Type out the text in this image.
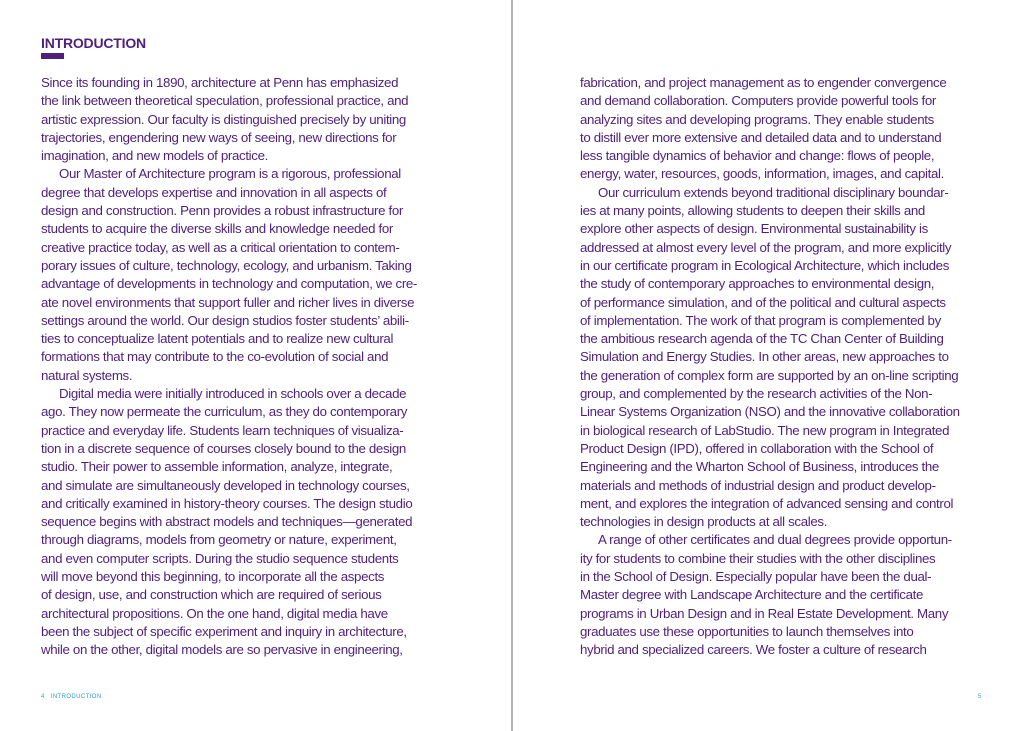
INTRODUCTION
Since its founding in 1890, architecture at Penn has emphasized
the link between theoretical speculation, professional practice, and
artistic expression. Our faculty is distinguished precisely by uniting
trajectories, engendering new ways of seeing, new directions for
imagination, and new models of practice.
Our Master of Architecture program is a rigorous, professional
degree that develops expertise and innovation in all aspects of
design and construction. Penn provides a robust infrastructure for
students to acquire the diverse skills and knowledge needed for
creative practice today, as well as a critical orientation to contem-
porary issues of culture, technology, ecology, and urbanism. Taking
advantage of developments in technology and computation, we cre-
ate novel environments that support fuller and richer lives in diverse
settings around the world. Our design studios foster students’ abili-
ties to conceptualize latent potentials and to realize new cultural
formations that may contribute to the co-evolution of social and
natural systems.
Digital media were initially introduced in schools over a decade
ago. They now permeate the curriculum, as they do contemporary
practice and everyday life. Students learn techniques of visualiza-
tion in a discrete sequence of courses closely bound to the design
studio. Their power to assemble information, analyze, integrate,
and simulate are simultaneously developed in technology courses,
and critically examined in history-theory courses. The design studio
sequence begins with abstract models and techniques—generated
through diagrams, models from geometry or nature, experiment,
and even computer scripts. During the studio sequence students
will move beyond this beginning, to incorporate all the aspects
of design, use, and construction which are required of serious
architectural propositions. On the one hand, digital media have
been the subject of specific experiment and inquiry in architecture,
while on the other, digital models are so pervasive in engineering,
fabrication, and project management as to engender convergence
and demand collaboration. Computers provide powerful tools for
analyzing sites and developing programs. They enable students
to distill ever more extensive and detailed data and to understand
less tangible dynamics of behavior and change: flows of people,
energy, water, resources, goods, information, images, and capital.
Our curriculum extends beyond traditional disciplinary boundar-
ies at many points, allowing students to deepen their skills and
explore other aspects of design. Environmental sustainability is
addressed at almost every level of the program, and more explicitly
in our certificate program in Ecological Architecture, which includes
the study of contemporary approaches to environmental design,
of performance simulation, and of the political and cultural aspects
of implementation. The work of that program is complemented by
the ambitious research agenda of the TC Chan Center of Building
Simulation and Energy Studies. In other areas, new approaches to
the generation of complex form are supported by an on-line scripting
group, and complemented by the research activities of the Non-
Linear Systems Organization (NSO) and the innovative collaboration
in biological research of LabStudio. The new program in Integrated
Product Design (IPD), offered in collaboration with the School of
Engineering and the Wharton School of Business, introduces the
materials and methods of industrial design and product develop-
ment, and explores the integration of advanced sensing and control
technologies in design products at all scales.
A range of other certificates and dual degrees provide opportun-
ity for students to combine their studies with the other disciplines
in the School of Design. Especially popular have been the dual-
Master degree with Landscape Architecture and the certificate
programs in Urban Design and in Real Estate Development. Many
graduates use these opportunities to launch themselves into
hybrid and specialized careers. We foster a culture of research
4 INTRODUCTION	5
